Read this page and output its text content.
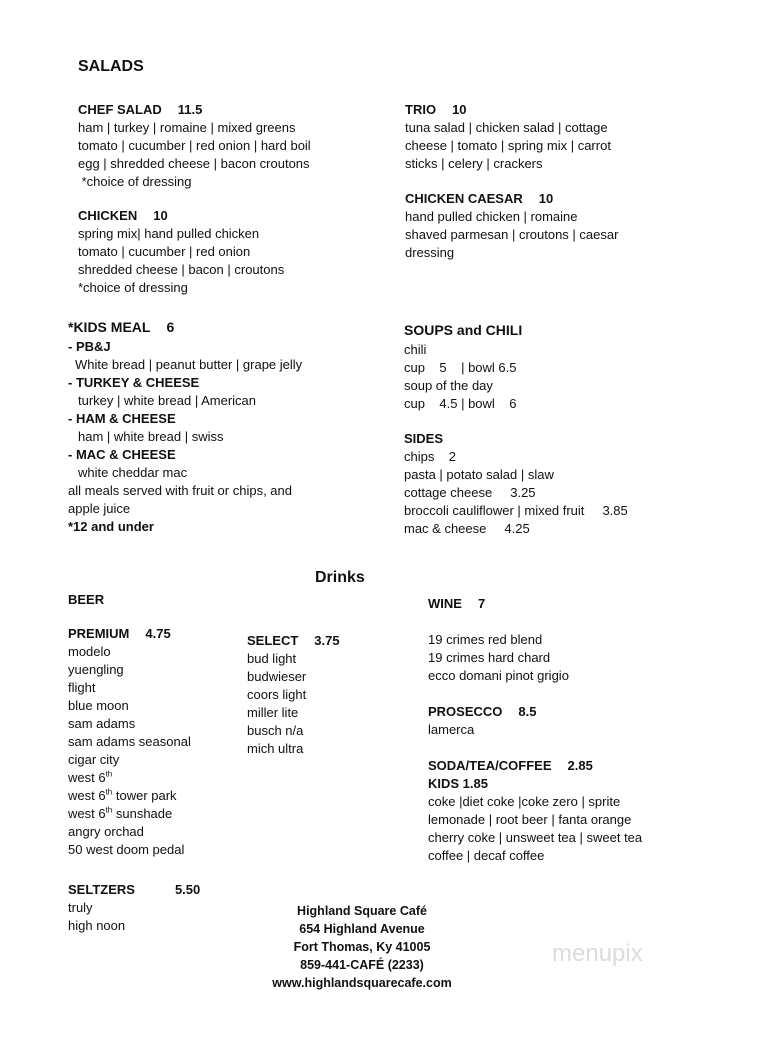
SALADS
CHEF SALAD 11.5
ham | turkey | romaine | mixed greens
tomato | cucumber | red onion | hard boil
egg | shredded cheese | bacon croutons
*choice of dressing
CHICKEN 10
spring mix| hand pulled chicken
tomato | cucumber | red onion
shredded cheese | bacon | croutons
*choice of dressing
TRIO 10
tuna salad | chicken salad | cottage
cheese | tomato | spring mix | carrot
sticks | celery | crackers
CHICKEN CAESAR 10
hand pulled chicken | romaine
shaved parmesan | croutons | caesar
dressing
*KIDS MEAL 6
- PB&J
White bread | peanut butter | grape jelly
- TURKEY & CHEESE
turkey | white bread | American
- HAM & CHEESE
ham | white bread | swiss
- MAC & CHEESE
white cheddar mac
all meals served with fruit or chips, and
apple juice
*12 and under
SOUPS and CHILI
chili
cup    5    | bowl 6.5
soup of the day
cup    4.5 | bowl    6
SIDES
chips    2
pasta | potato salad | slaw
cottage cheese     3.25
broccoli cauliflower | mixed fruit     3.85
mac & cheese     4.25
Drinks
BEER
PREMIUM 4.75
modelo
yuengling
flight
blue moon
sam adams
sam adams seasonal
cigar city
west 6th
west 6th tower park
west 6th sunshade
angry orchad
50 west doom pedal
SELECT 3.75
bud light
budwieser
coors light
miller lite
busch n/a
mich ultra
SELTZERS	5.50
truly
high noon
WINE 7
19 crimes red blend
19 crimes hard chard
ecco domani pinot grigio
PROSECCO 8.5
lamerca
SODA/TEA/COFFEE 2.85
KIDS 1.85
coke |diet coke |coke zero | sprite
lemonade | root beer | fanta orange
cherry coke | unsweet tea | sweet tea
coffee | decaf coffee
Highland Square Café
654 Highland Avenue
Fort Thomas, Ky 41005
859-441-CAFÉ (2233)
www.highlandsquarecafe.com
menupix
